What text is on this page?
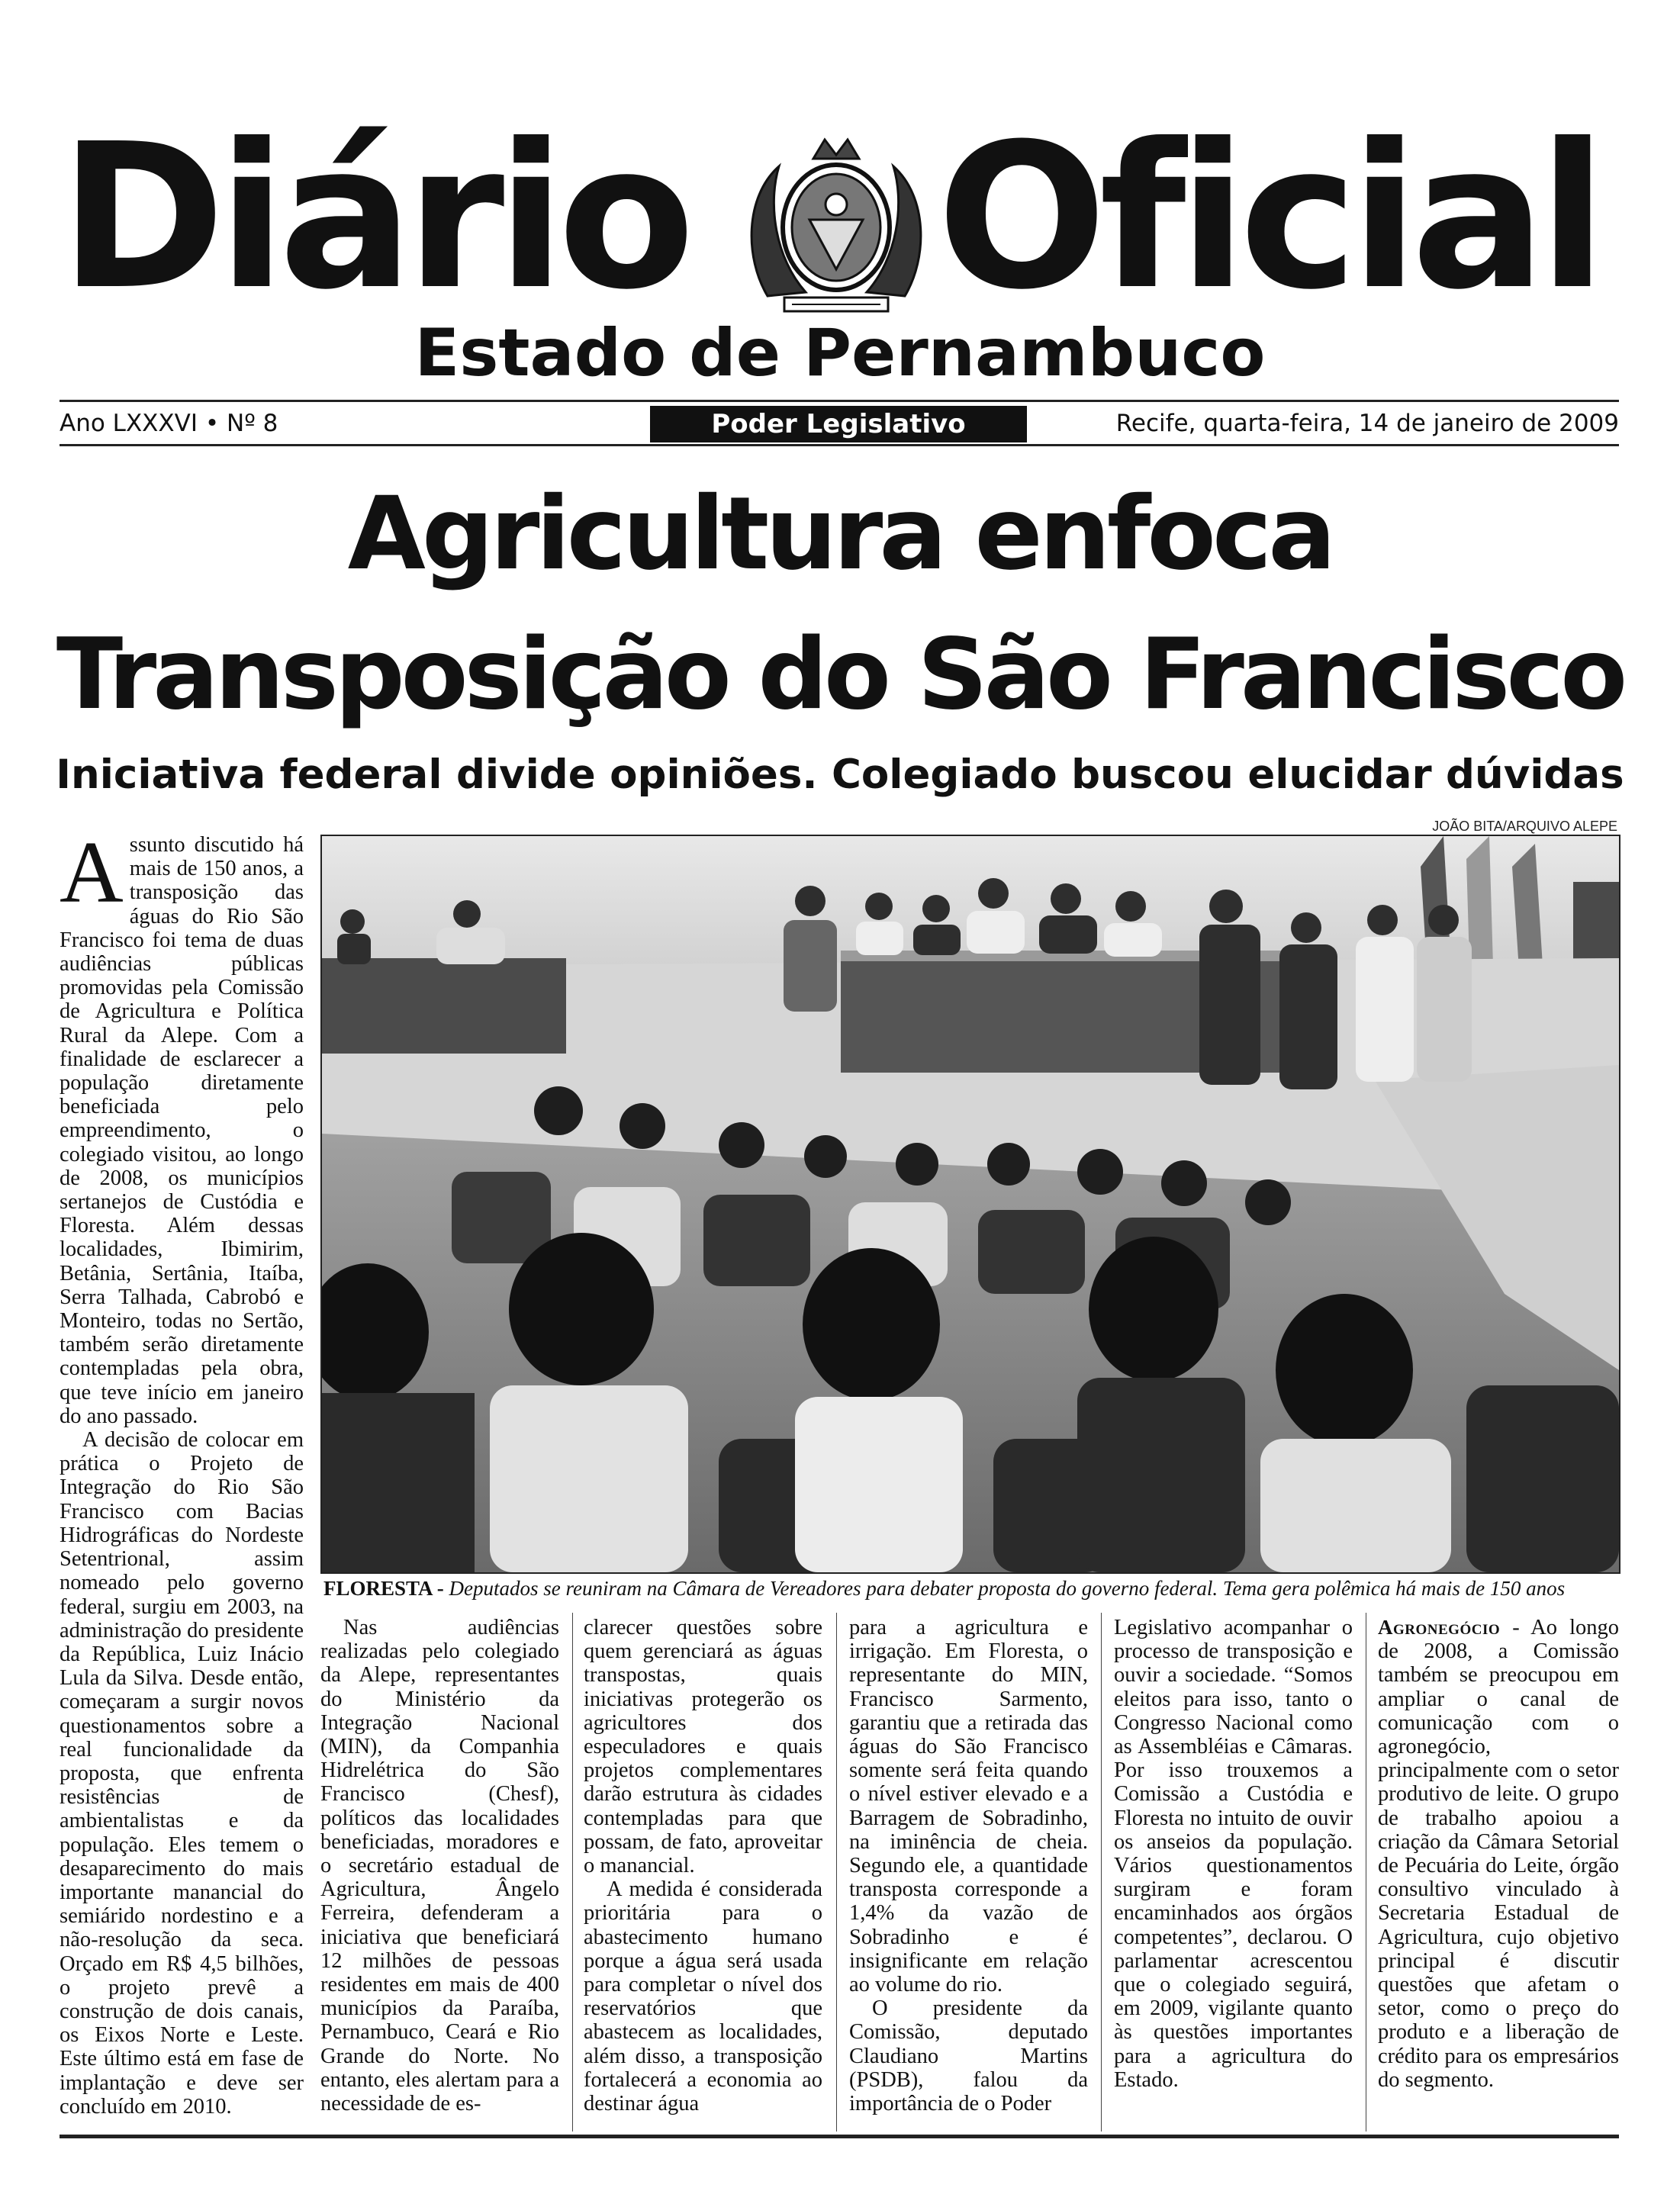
Diário Oficial
Estado de Pernambuco
Ano LXXXVI • Nº 8	Poder Legislativo	Recife, quarta-feira, 14 de janeiro de 2009
Agricultura enfoca
Transposição do São Francisco
Iniciativa federal divide opiniões. Colegiado buscou elucidar dúvidas

Assunto discutido há mais de 150 anos, a transposição das águas do Rio São Francisco foi tema de duas audiências públicas promovidas pela Comissão de Agricultura e Política Rural da Alepe. Com a finalidade de esclarecer a população diretamente beneficiada pelo empreendimento, o colegiado visitou, ao longo de 2008, os municípios sertanejos de Custódia e Floresta. Além dessas localidades, Ibimirim, Betânia, Sertânia, Itaíba, Serra Talhada, Cabrobó e Monteiro, todas no Sertão, também serão diretamente contempladas pela obra, que teve início em janeiro do ano passado.

A decisão de colocar em prática o Projeto de Integração do Rio São Francisco com Bacias Hidrográficas do Nordeste Setentrional, assim nomeado pelo governo federal, surgiu em 2003, na administração do presidente da República, Luiz Inácio Lula da Silva. Desde então, começaram a surgir novos questionamentos sobre a real funcionalidade da proposta, que enfrenta resistências de ambientalistas e da população. Eles temem o desaparecimento do mais importante manancial do semiárido nordestino e a não-resolução da seca. Orçado em R$ 4,5 bilhões, o projeto prevê a construção de dois canais, os Eixos Norte e Leste. Este último está em fase de implantação e deve ser concluído em 2010.

JOÃO BITA/ARQUIVO ALEPE
FLORESTA - Deputados se reuniram na Câmara de Vereadores para debater proposta do governo federal. Tema gera polêmica há mais de 150 anos

Nas audiências realizadas pelo colegiado da Alepe, representantes do Ministério da Integração Nacional (MIN), da Companhia Hidrelétrica do São Francisco (Chesf), políticos das localidades beneficiadas, moradores e o secretário estadual de Agricultura, Ângelo Ferreira, defenderam a iniciativa que beneficiará 12 milhões de pessoas residentes em mais de 400 municípios da Paraíba, Pernambuco, Ceará e Rio Grande do Norte. No entanto, eles alertam para a necessidade de es-

clarecer questões sobre quem gerenciará as águas transpostas, quais iniciativas protegerão os agricultores dos especuladores e quais projetos complementares darão estrutura às cidades contempladas para que possam, de fato, aproveitar o manancial.

A medida é considerada prioritária para o abastecimento humano porque a água será usada para completar o nível dos reservatórios que abastecem as localidades, além disso, a transposição fortalecerá a economia ao destinar água

para a agricultura e irrigação. Em Floresta, o representante do MIN, Francisco Sarmento, garantiu que a retirada das águas do São Francisco somente será feita quando o nível estiver elevado e a Barragem de Sobradinho, na iminência de cheia. Segundo ele, a quantidade transposta corresponde a 1,4% da vazão de Sobradinho e é insignificante em relação ao volume do rio.

O presidente da Comissão, deputado Claudiano Martins (PSDB), falou da importância de o Poder

Legislativo acompanhar o processo de transposição e ouvir a sociedade. “Somos eleitos para isso, tanto o Congresso Nacional como as Assembléias e Câmaras. Por isso trouxemos a Comissão a Custódia e Floresta no intuito de ouvir os anseios da população. Vários questionamentos surgiram e foram encaminhados aos órgãos competentes”, declarou. O parlamentar acrescentou que o colegiado seguirá, em 2009, vigilante quanto às questões importantes para a agricultura do Estado.

Agronegócio - Ao longo de 2008, a Comissão também se preocupou em ampliar o canal de comunicação com o agronegócio, principalmente com o setor produtivo de leite. O grupo de trabalho apoiou a criação da Câmara Setorial de Pecuária do Leite, órgão consultivo vinculado à Secretaria Estadual de Agricultura, cujo objetivo principal é discutir questões que afetam o setor, como o preço do produto e a liberação de crédito para os empresários do segmento.
